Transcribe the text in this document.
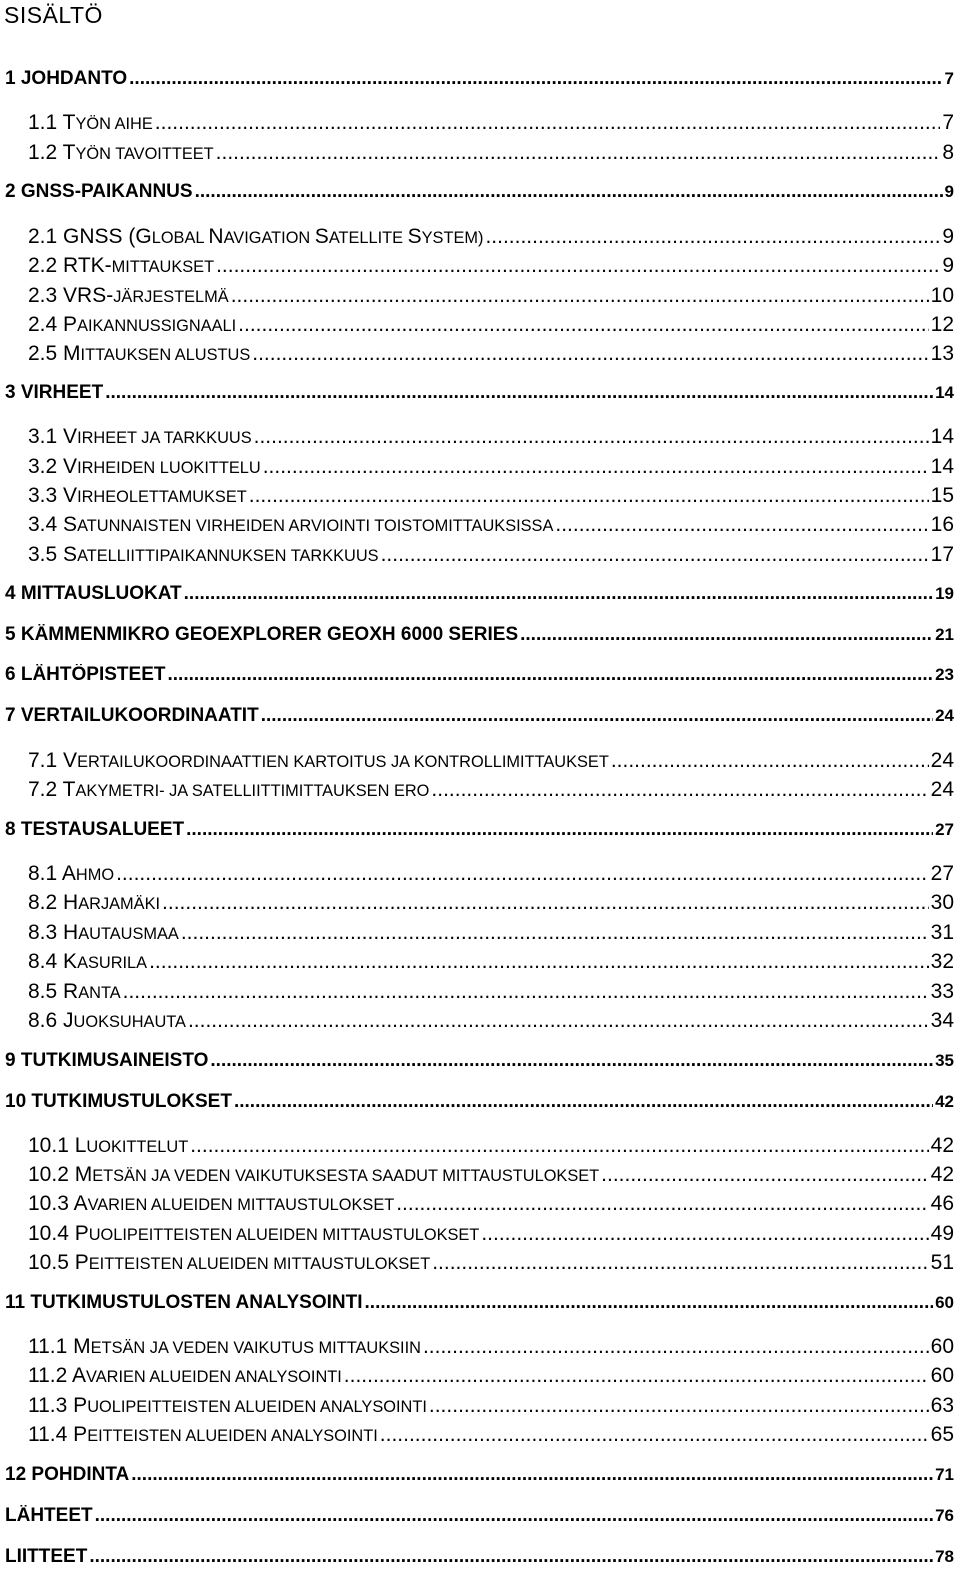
SISÄLTÖ
1 JOHDANTO .....	7
1.1 TYÖN AIHE .....	7
1.2 TYÖN TAVOITTEET .....	8
2 GNSS-PAIKANNUS .....	9
2.1 GNSS (GLOBAL NAVIGATION SATELLITE SYSTEM) .....	9
2.2 RTK-MITTAUKSET .....	9
2.3 VRS-JÄRJESTELMÄ .....	10
2.4 PAIKANNUSSIGNAALI .....	12
2.5 MITTAUKSEN ALUSTUS .....	13
3 VIRHEET .....	14
3.1 VIRHEET JA TARKKUUS .....	14
3.2 VIRHEIDEN LUOKITTELU .....	14
3.3 VIRHEOLETTAMUKSET .....	15
3.4 SATUNNAISTEN VIRHEIDEN ARVIOINTI TOISTOMITTAUKSISSA .....	16
3.5 SATELLIITTIPAIKANNUKSEN TARKKUUS .....	17
4 MITTAUSLUOKAT .....	19
5 KÄMMENMIKRO GEOEXPLORER GEOXH 6000 SERIES .....	21
6 LÄHTÖPISTEET .....	23
7 VERTAILUKOORDINAATIT .....	24
7.1 VERTAILUKOORDINAATTIEN KARTOITUS JA KONTROLLIMITTAUKSET .....	24
7.2 TAKYMETRI- JA SATELLIITTIMITTAUKSEN ERO .....	24
8 TESTAUSALUEET .....	27
8.1 AHMO .....	27
8.2 HARJAMÄKI .....	30
8.3 HAUTAUSMAA .....	31
8.4 KASURILA .....	32
8.5 RANTA .....	33
8.6 JUOKSUHAUTA .....	34
9 TUTKIMUSAINEISTO .....	35
10 TUTKIMUSTULOKSET .....	42
10.1 LUOKITTELUT .....	42
10.2 METSÄN JA VEDEN VAIKUTUKSESTA SAADUT MITTAUSTULOKSET .....	42
10.3 AVARIEN ALUEIDEN MITTAUSTULOKSET .....	46
10.4 PUOLIPEITTEISTEN ALUEIDEN MITTAUSTULOKSET .....	49
10.5 PEITTEISTEN ALUEIDEN MITTAUSTULOKSET .....	51
11 TUTKIMUSTULOSTEN ANALYSOINTI .....	60
11.1 METSÄN JA VEDEN VAIKUTUS MITTAUKSIIN .....	60
11.2 AVARIEN ALUEIDEN ANALYSOINTI .....	60
11.3 PUOLIPEITTEISTEN ALUEIDEN ANALYSOINTI .....	63
11.4 PEITTEISTEN ALUEIDEN ANALYSOINTI .....	65
12 POHDINTA .....	71
LÄHTEET .....	76
LIITTEET .....	78
